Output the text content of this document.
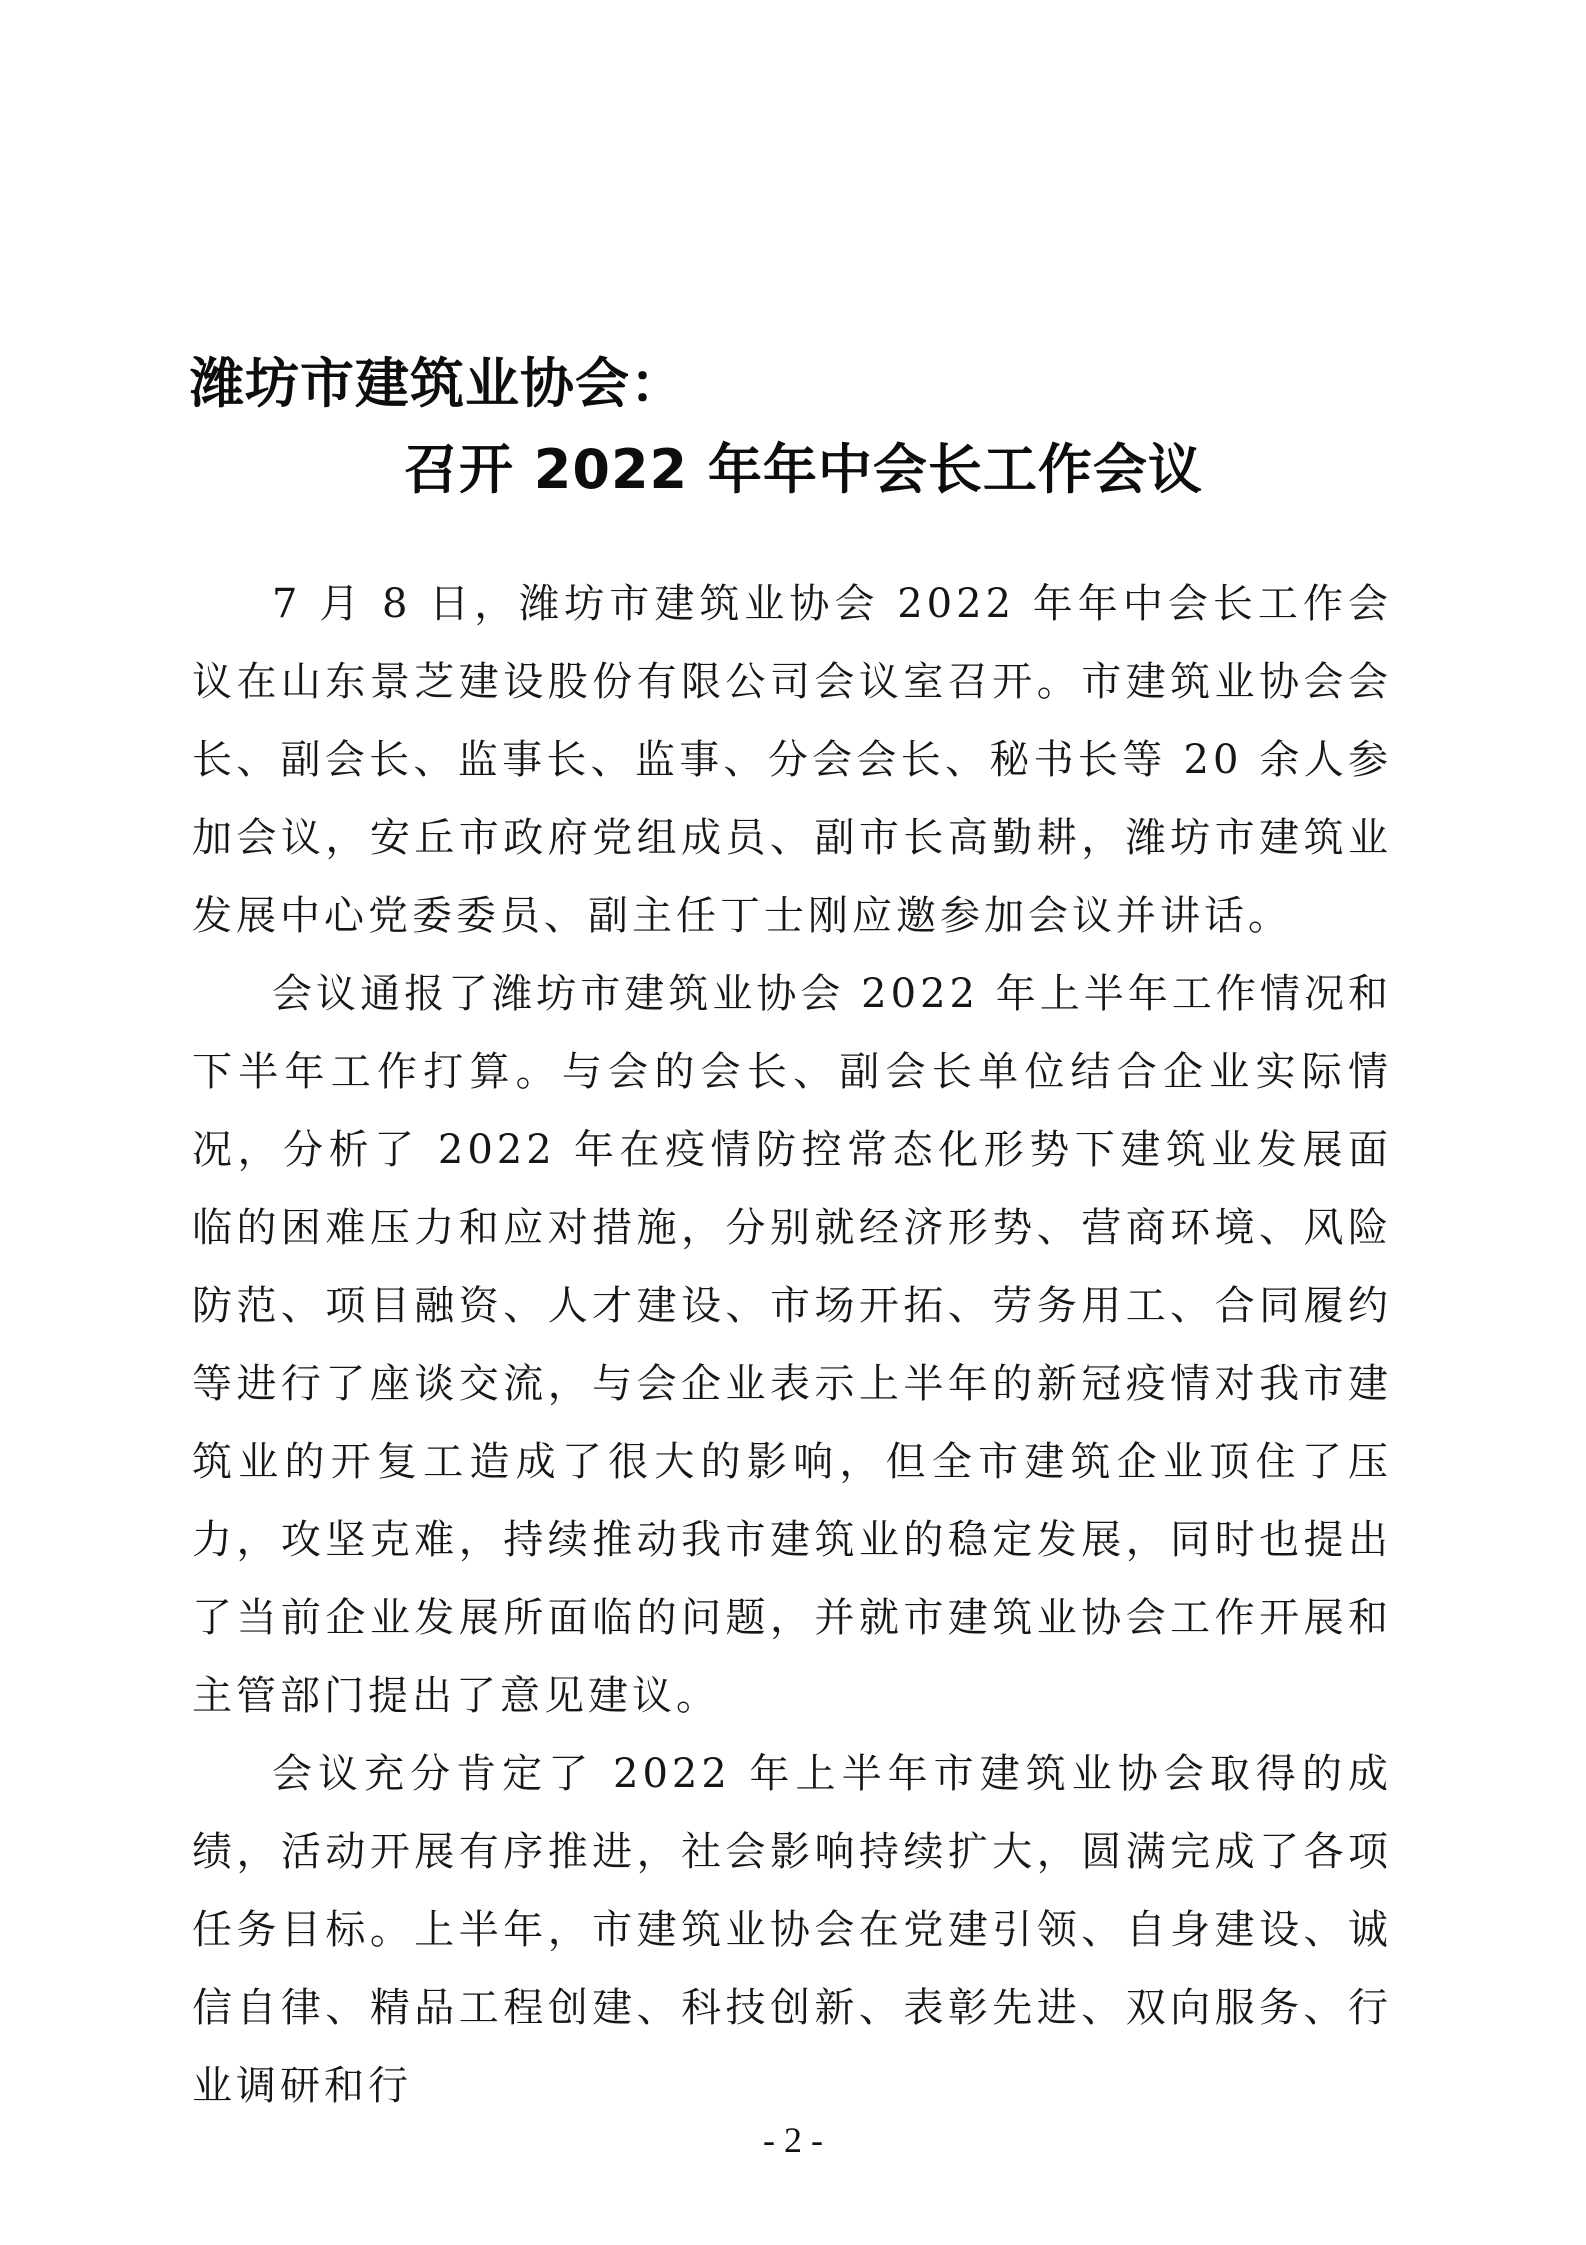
潍坊市建筑业协会：
召开 2022 年年中会长工作会议

7 月 8 日，潍坊市建筑业协会 2022 年年中会长工作会议在山东景芝建设股份有限公司会议室召开。市建筑业协会会长、副会长、监事长、监事、分会会长、秘书长等 20 余人参加会议，安丘市政府党组成员、副市长高勤耕，潍坊市建筑业发展中心党委委员、副主任丁士刚应邀参加会议并讲话。

会议通报了潍坊市建筑业协会 2022 年上半年工作情况和下半年工作打算。与会的会长、副会长单位结合企业实际情况，分析了 2022 年在疫情防控常态化形势下建筑业发展面临的困难压力和应对措施，分别就经济形势、营商环境、风险防范、项目融资、人才建设、市场开拓、劳务用工、合同履约等进行了座谈交流，与会企业表示上半年的新冠疫情对我市建筑业的开复工造成了很大的影响，但全市建筑企业顶住了压力，攻坚克难，持续推动我市建筑业的稳定发展，同时也提出了当前企业发展所面临的问题，并就市建筑业协会工作开展和主管部门提出了意见建议。

会议充分肯定了 2022 年上半年市建筑业协会取得的成绩，活动开展有序推进，社会影响持续扩大，圆满完成了各项任务目标。上半年，市建筑业协会在党建引领、自身建设、诚信自律、精品工程创建、科技创新、表彰先进、双向服务、行业调研和行

- 2 -
